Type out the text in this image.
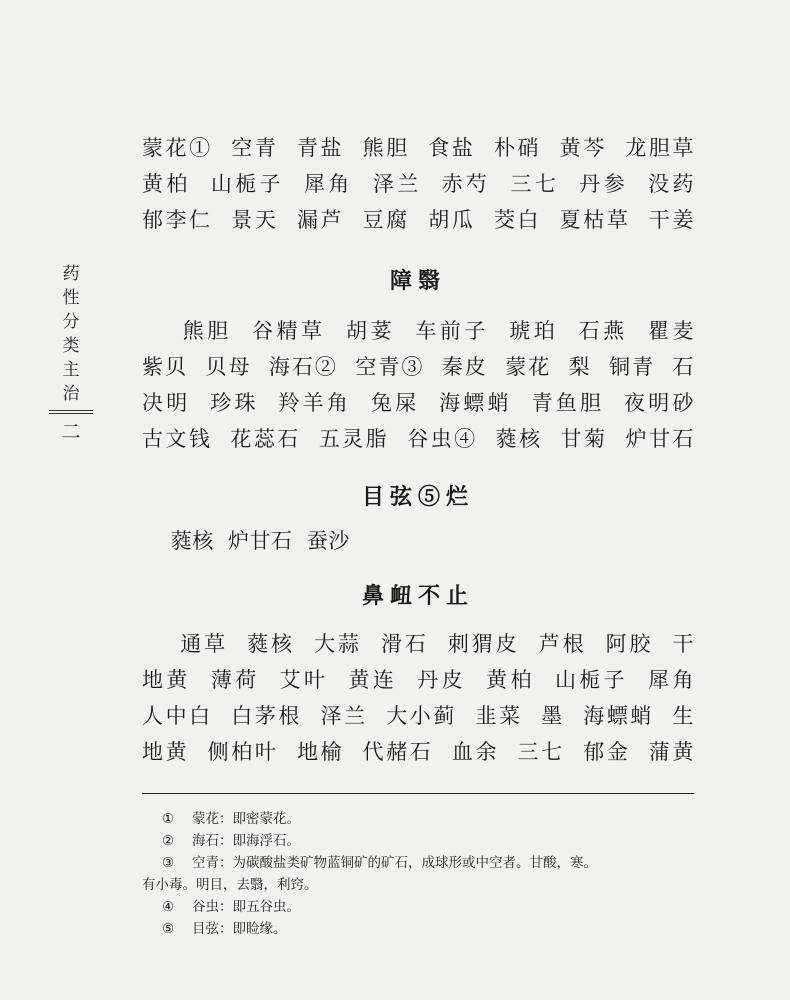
药
性
分
类
主
治
二
蒙花①  空青  青盐  熊胆  食盐  朴硝  黄芩  龙胆草
黄柏  山栀子  犀角  泽兰  赤芍  三七  丹参  没药
郁李仁  景天  漏芦  豆腐  胡瓜  茭白  夏枯草  干姜
障翳
熊胆  谷精草  胡荽  车前子  琥珀  石燕  瞿麦
紫贝  贝母  海石②  空青③  秦皮  蒙花  梨  铜青  石
决明  珍珠  羚羊角  兔屎  海螵蛸  青鱼胆  夜明砂
古文钱  花蕊石  五灵脂  谷虫④  蕤核  甘菊  炉甘石
目弦⑤烂
蕤核  炉甘石  蚕沙
鼻衄不止
通草  蕤核  大蒜  滑石  刺猬皮  芦根  阿胶  干
地黄  薄荷  艾叶  黄连  丹皮  黄柏  山栀子  犀角
人中白  白茅根  泽兰  大小蓟  韭菜  墨  海螵蛸  生
地黄  侧柏叶  地榆  代赭石  血余  三七  郁金  蒲黄
① 蒙花：即密蒙花。
② 海石：即海浮石。
③ 空青：为碳酸盐类矿物蓝铜矿的矿石，成球形或中空者。甘酸，寒。
有小毒。明目，去翳，利窍。
④ 谷虫：即五谷虫。
⑤ 目弦：即睑缘。
